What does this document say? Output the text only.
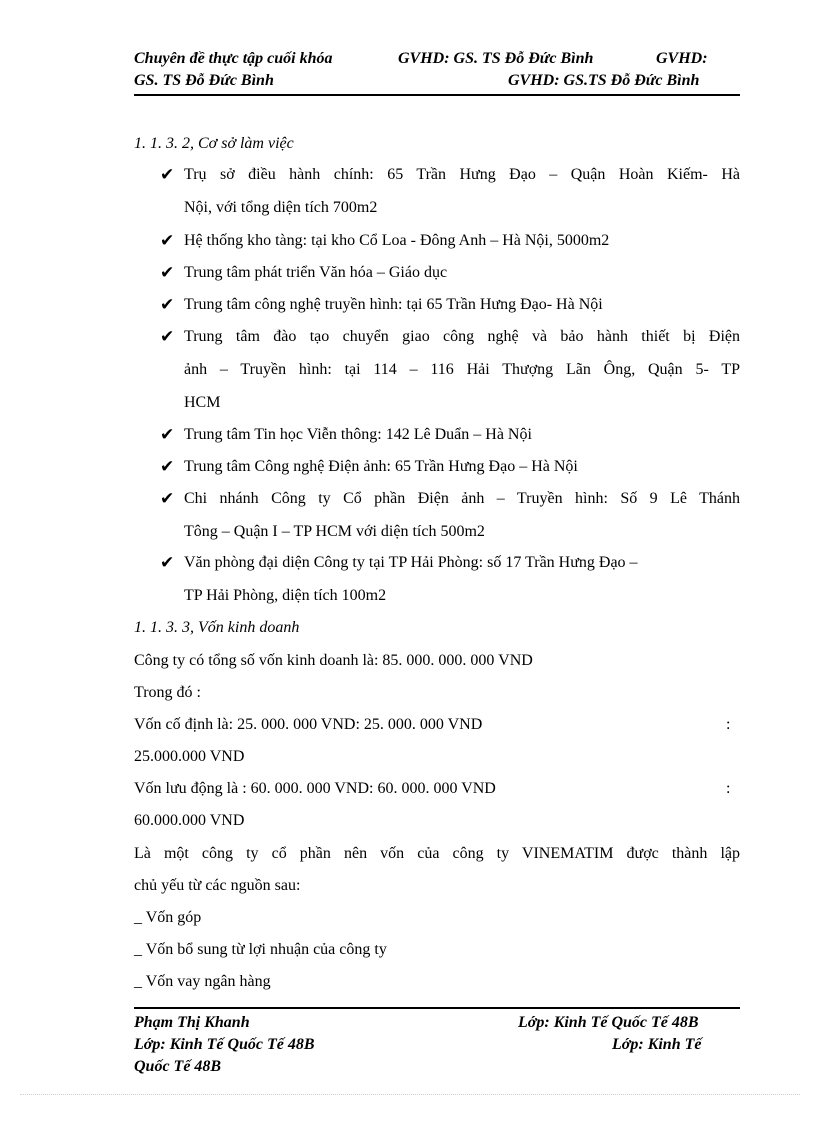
Chuyên đề thực tập cuối khóa	GVHD: GS. TS Đỗ Đức Bình	GVHD:
GS. TS Đỗ Đức Bình	GVHD: GS.TS Đỗ Đức Bình
1. 1. 3. 2, Cơ sở làm việc
✔ Trụ sở điều hành chính: 65 Trần Hưng Đạo – Quận Hoàn Kiếm- Hà
Nội, với tổng diện tích 700m2
✔ Hệ thống kho tàng: tại kho Cổ Loa - Đông Anh – Hà Nội, 5000m2
✔ Trung tâm phát triển Văn hóa – Giáo dục
✔ Trung tâm công nghệ truyền hình: tại 65 Trần Hưng Đạo- Hà Nội
✔ Trung tâm đào tạo chuyển giao công nghệ và bảo hành thiết bị Điện
ảnh – Truyền hình: tại 114 – 116 Hải Thượng Lãn Ông, Quận 5- TP
HCM
✔ Trung tâm Tin học Viễn thông: 142 Lê Duẩn – Hà Nội
✔ Trung tâm Công nghệ Điện ảnh: 65 Trần Hưng Đạo – Hà Nội
✔ Chi nhánh Công ty Cổ phần Điện ảnh – Truyền hình: Số 9 Lê Thánh
Tông – Quận I – TP HCM với diện tích 500m2
✔ Văn phòng đại diện Công ty tại TP Hải Phòng: số 17 Trần Hưng Đạo –
TP Hải Phòng, diện tích 100m2
1. 1. 3. 3, Vốn kinh doanh
Công ty có tổng số vốn kinh doanh là: 85. 000. 000. 000 VND
Trong đó :
Vốn cố định là: 25. 000. 000 VND: 25. 000. 000 VND	:
25.000.000 VND
Vốn lưu động là : 60. 000. 000 VND: 60. 000. 000 VND	:
60.000.000 VND
Là một công ty cổ phần nên vốn của công ty VINEMATIM được thành lập
chủ yếu từ các nguồn sau:
_ Vốn góp
_ Vốn bổ sung từ lợi nhuận của công ty
_ Vốn vay ngân hàng
Phạm Thị Khanh	Lớp: Kinh Tế Quốc Tế 48B
Lớp: Kinh Tế Quốc Tế 48B	Lớp: Kinh Tế
Quốc Tế 48B
